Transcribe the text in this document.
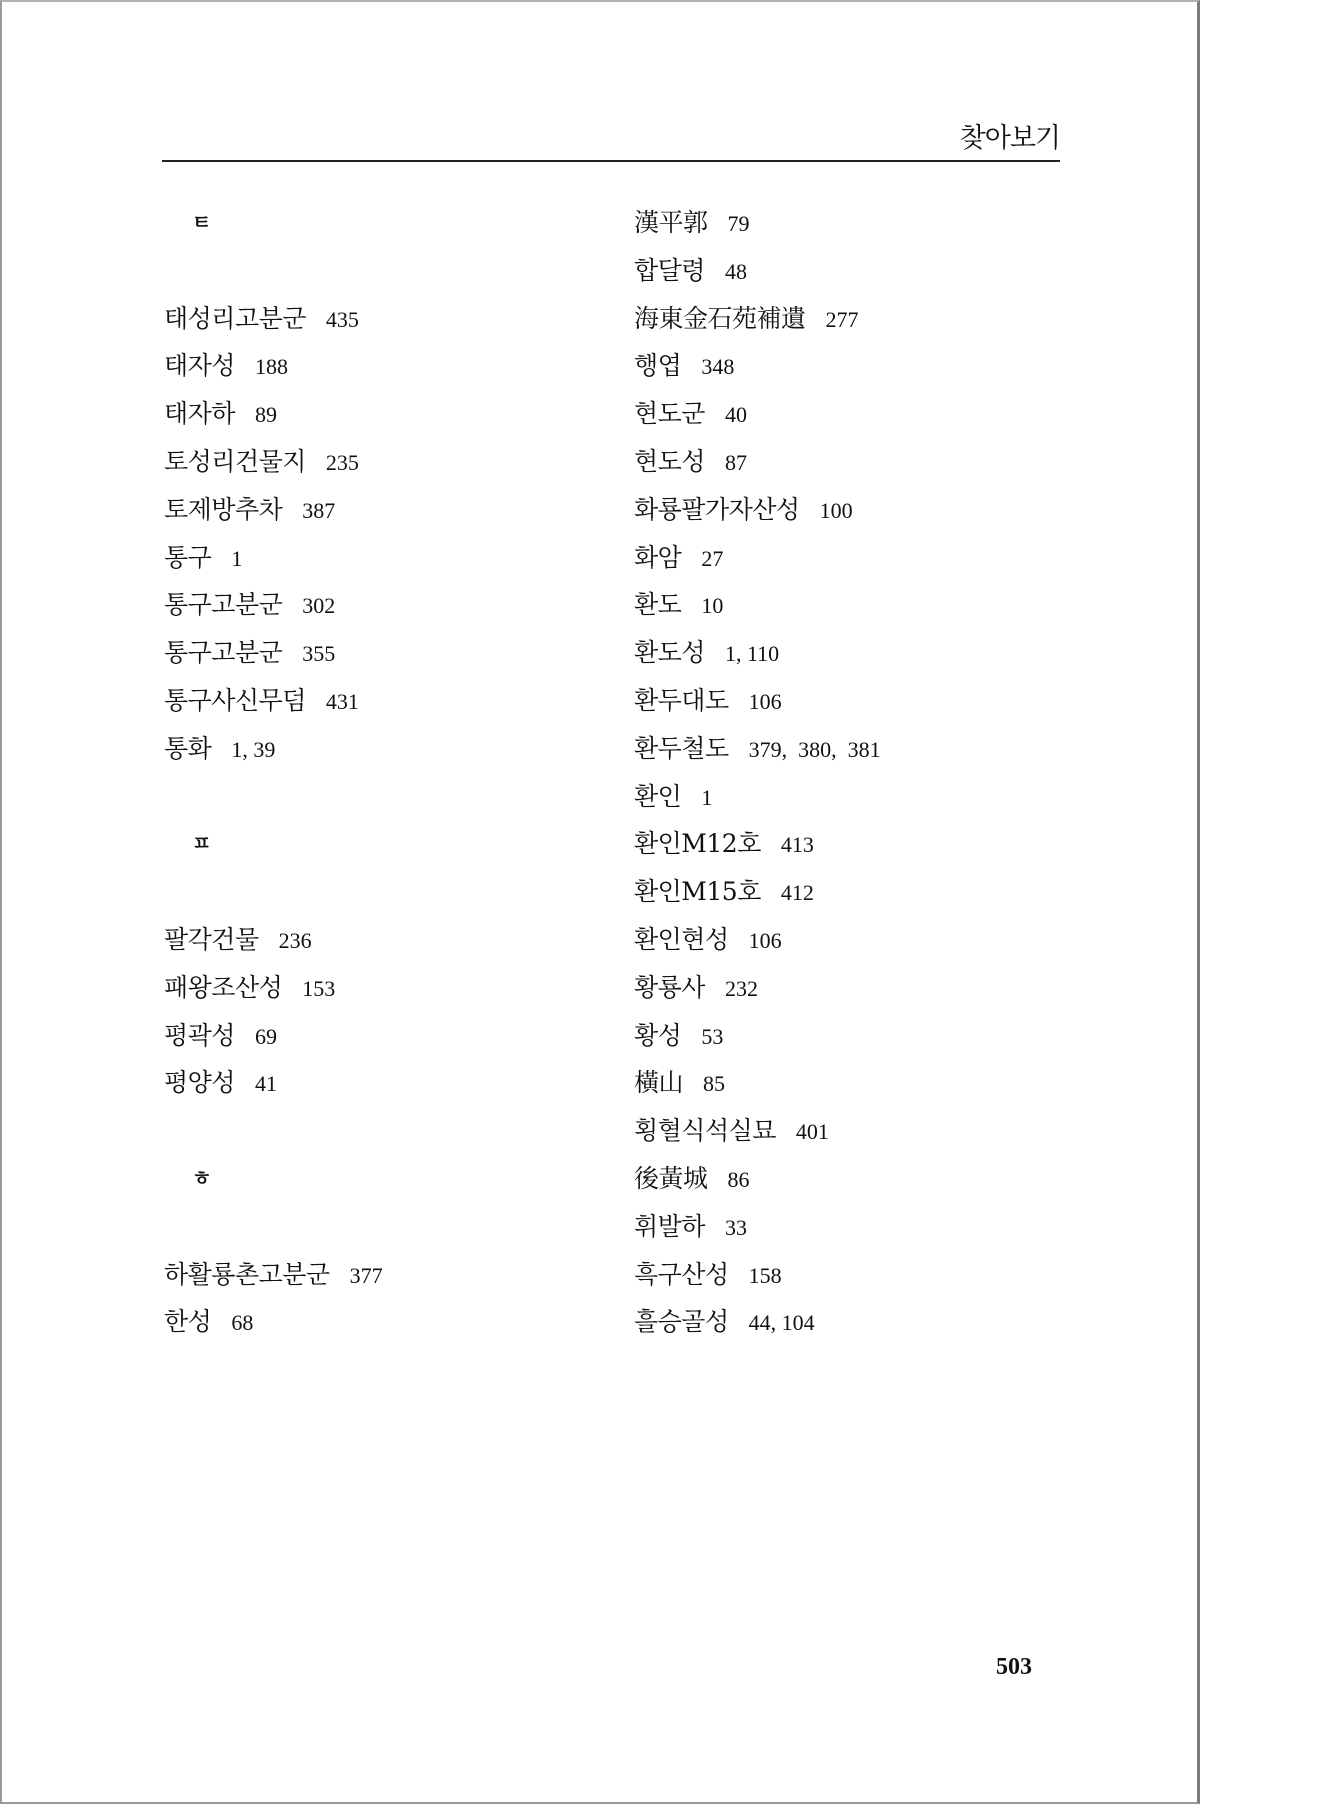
찾아보기
ㅌ
태성리고분군 435
태자성 188
태자하 89
토성리건물지 235
토제방추차 387
통구 1
통구고분군 302
통구고분군 355
통구사신무덤 431
통화 1, 39
ㅍ
팔각건물 236
패왕조산성 153
평곽성 69
평양성 41
ㅎ
하활룡촌고분군 377
한성 68
漢平郭 79
합달령 48
海東金石苑補遺 277
행엽 348
현도군 40
현도성 87
화룡팔가자산성 100
화암 27
환도 10
환도성 1, 110
환두대도 106
환두철도 379,  380,  381
환인 1
환인M12호 413
환인M15호 412
환인현성 106
황룡사 232
황성 53
橫山 85
횡혈식석실묘 401
後黃城 86
휘발하 33
흑구산성 158
흘승골성 44, 104
503
